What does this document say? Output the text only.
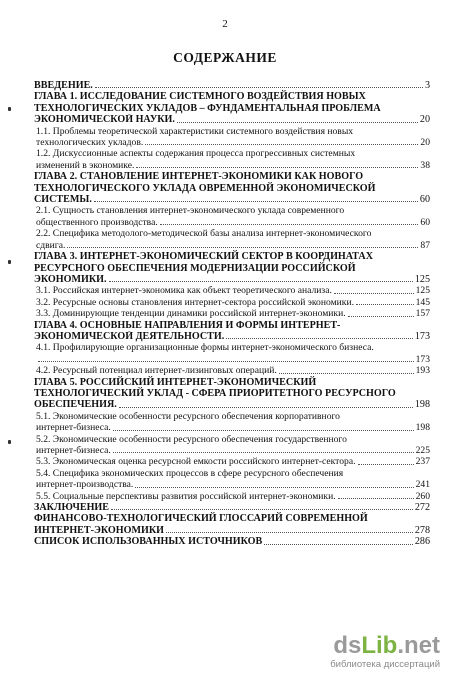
2
СОДЕРЖАНИЕ
ВВЕДЕНИЕ.	3
ГЛАВА 1. ИССЛЕДОВАНИЕ СИСТЕМНОГО ВОЗДЕЙСТВИЯ НОВЫХ
ТЕХНОЛОГИЧЕСКИХ УКЛАДОВ – ФУНДАМЕНТАЛЬНАЯ ПРОБЛЕМА
ЭКОНОМИЧЕСКОЙ НАУКИ.	20
1.1. Проблемы теоретической характеристики системного воздействия новых
технологических укладов.	20
1.2. Дискуссионные аспекты содержания процесса прогрессивных системных
изменений в экономике.	38
ГЛАВА 2. СТАНОВЛЕНИЕ ИНТЕРНЕТ-ЭКОНОМИКИ КАК НОВОГО
ТЕХНОЛОГИЧЕСКОГО УКЛАДА ОВРЕМЕННОЙ ЭКОНОМИЧЕСКОЙ
СИСТЕМЫ.	60
2.1. Сущность становления интернет-экономического уклада современного
общественного производства.	60
2.2. Специфика методолого-методической базы анализа интернет-экономического
сдвига.	87
ГЛАВА 3. ИНТЕРНЕТ-ЭКОНОМИЧЕСКИЙ СЕКТОР В КООРДИНАТАХ
РЕСУРСНОГО ОБЕСПЕЧЕНИЯ МОДЕРНИЗАЦИИ РОССИЙСКОЙ
ЭКОНОМИКИ.	125
3.1. Российская интернет-экономика как объект теоретического анализа.	125
3.2. Ресурсные основы становления интернет-сектора российской экономики.	145
3.3. Доминирующие тенденции динамики российской интернет-экономики.	157
ГЛАВА 4. ОСНОВНЫЕ НАПРАВЛЕНИЯ И ФОРМЫ ИНТЕРНЕТ-
ЭКОНОМИЧЕСКОЙ ДЕЯТЕЛЬНОСТИ.	173
4.1. Профилирующие организационные формы интернет-экономического бизнеса.
173
4.2. Ресурсный потенциал интернет-лизинговых операций.	193
ГЛАВА 5. РОССИЙСКИЙ ИНТЕРНЕТ-ЭКОНОМИЧЕСКИЙ
ТЕХНОЛОГИЧЕСКИЙ УКЛАД - СФЕРА ПРИОРИТЕТНОГО РЕСУРСНОГО
ОБЕСПЕЧЕНИЯ.	198
5.1. Экономические особенности ресурсного обеспечения корпоративного
интернет-бизнеса.	198
5.2. Экономические особенности ресурсного обеспечения государственного
интернет-бизнеса.	225
5.3. Экономическая оценка ресурсной емкости российского интернет-сектора.	237
5.4. Специфика экономических процессов в сфере ресурсного обеспечения
интернет-производства.	241
5.5. Социальные перспективы развития российской интернет-экономики.	260
ЗАКЛЮЧЕНИЕ	272
ФИНАНСОВО-ТЕХНОЛОГИЧЕСКИЙ ГЛОССАРИЙ СОВРЕМЕННОЙ
ИНТЕРНЕТ-ЭКОНОМИКИ	278
СПИСОК ИСПОЛЬЗОВАННЫХ ИСТОЧНИКОВ	286
dsLib.net
библиотека диссертаций
